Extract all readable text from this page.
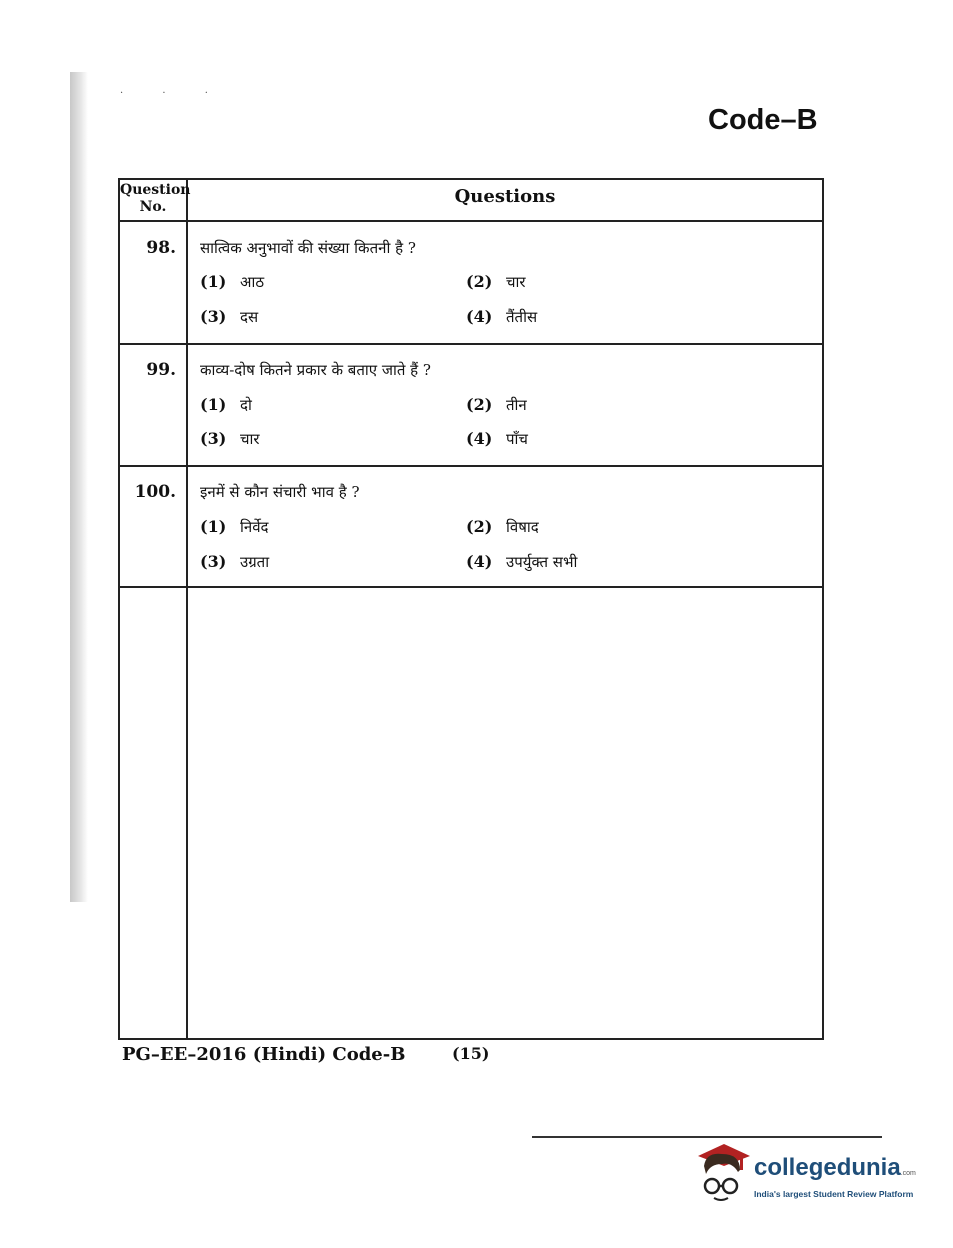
· · ·
Code–B
Question No.	Questions
98. सात्विक अनुभावों की संख्या कितनी है ?
(1) आठ	(2) चार
(3) दस	(4) तैंतीस
99. काव्य-दोष कितने प्रकार के बताए जाते हैं ?
(1) दो	(2) तीन
(3) चार	(4) पाँच
100. इनमें से कौन संचारी भाव है ?
(1) निर्वेद	(2) विषाद
(3) उग्रता	(4) उपर्युक्त सभी
PG–EE–2016 (Hindi) Code-B	(15)
collegedunia.com
India's largest Student Review Platform
